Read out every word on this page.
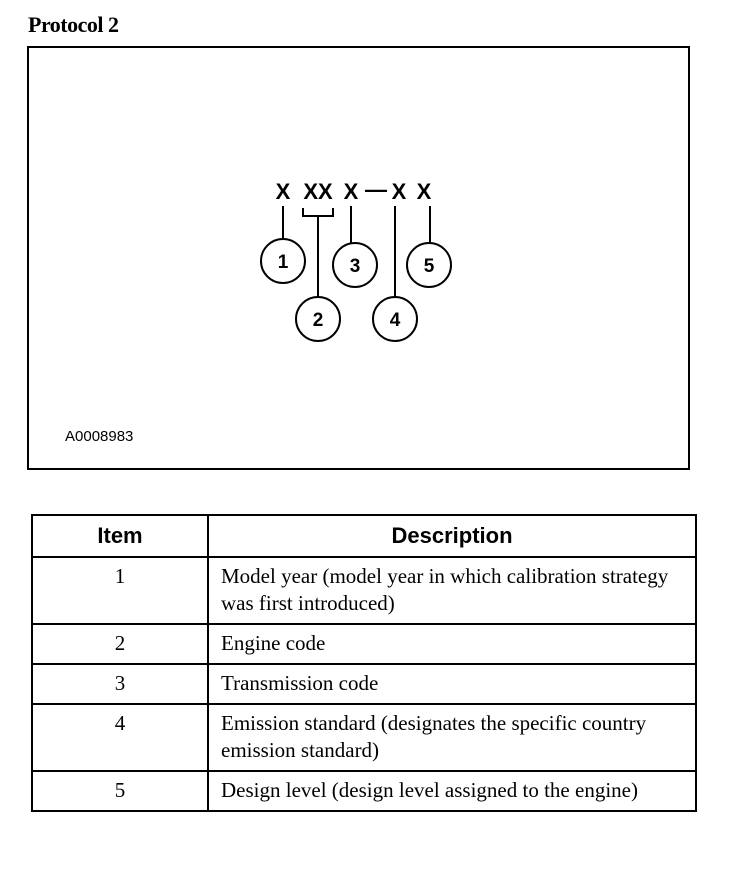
Protocol 2
X XX X — X X
1
2
3
4
5
A0008983
Item	Description
1	Model year (model year in which calibration strategy was first introduced)
2	Engine code
3	Transmission code
4	Emission standard (designates the specific country emission standard)
5	Design level (design level assigned to the engine)
